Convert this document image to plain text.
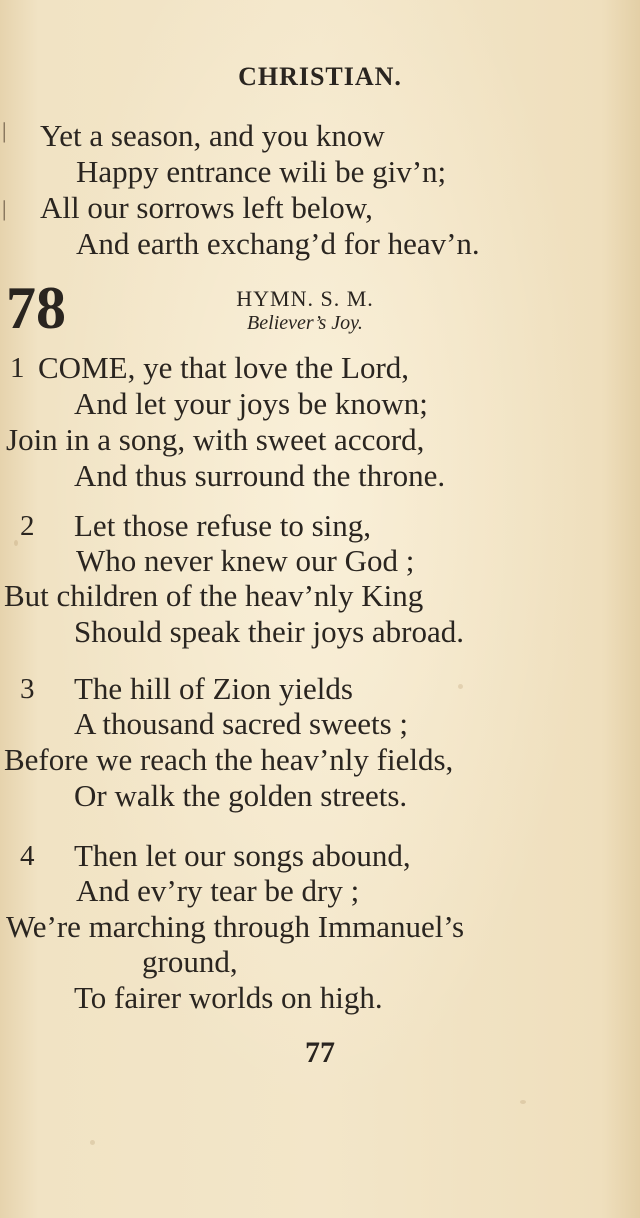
|
|
CHRISTIAN.
Yet a season, and you know
Happy entrance wili be giv’n;
All our sorrows left below,
And earth exchang’d for heav’n.
78	HYMN. S. M.
Believer’s Joy.
1 COME, ye that love the Lord,
And let your joys be known;
Join in a song, with sweet accord,
And thus surround the throne.
2 Let those refuse to sing,
Who never knew our God ;
But children of the heav’nly King
Should speak their joys abroad.
3 The hill of Zion yields
A thousand sacred sweets ;
Before we reach the heav’nly fields,
Or walk the golden streets.
4 Then let our songs abound,
And ev’ry tear be dry ;
We’re marching through Immanuel’s
ground,
To fairer worlds on high.
77
